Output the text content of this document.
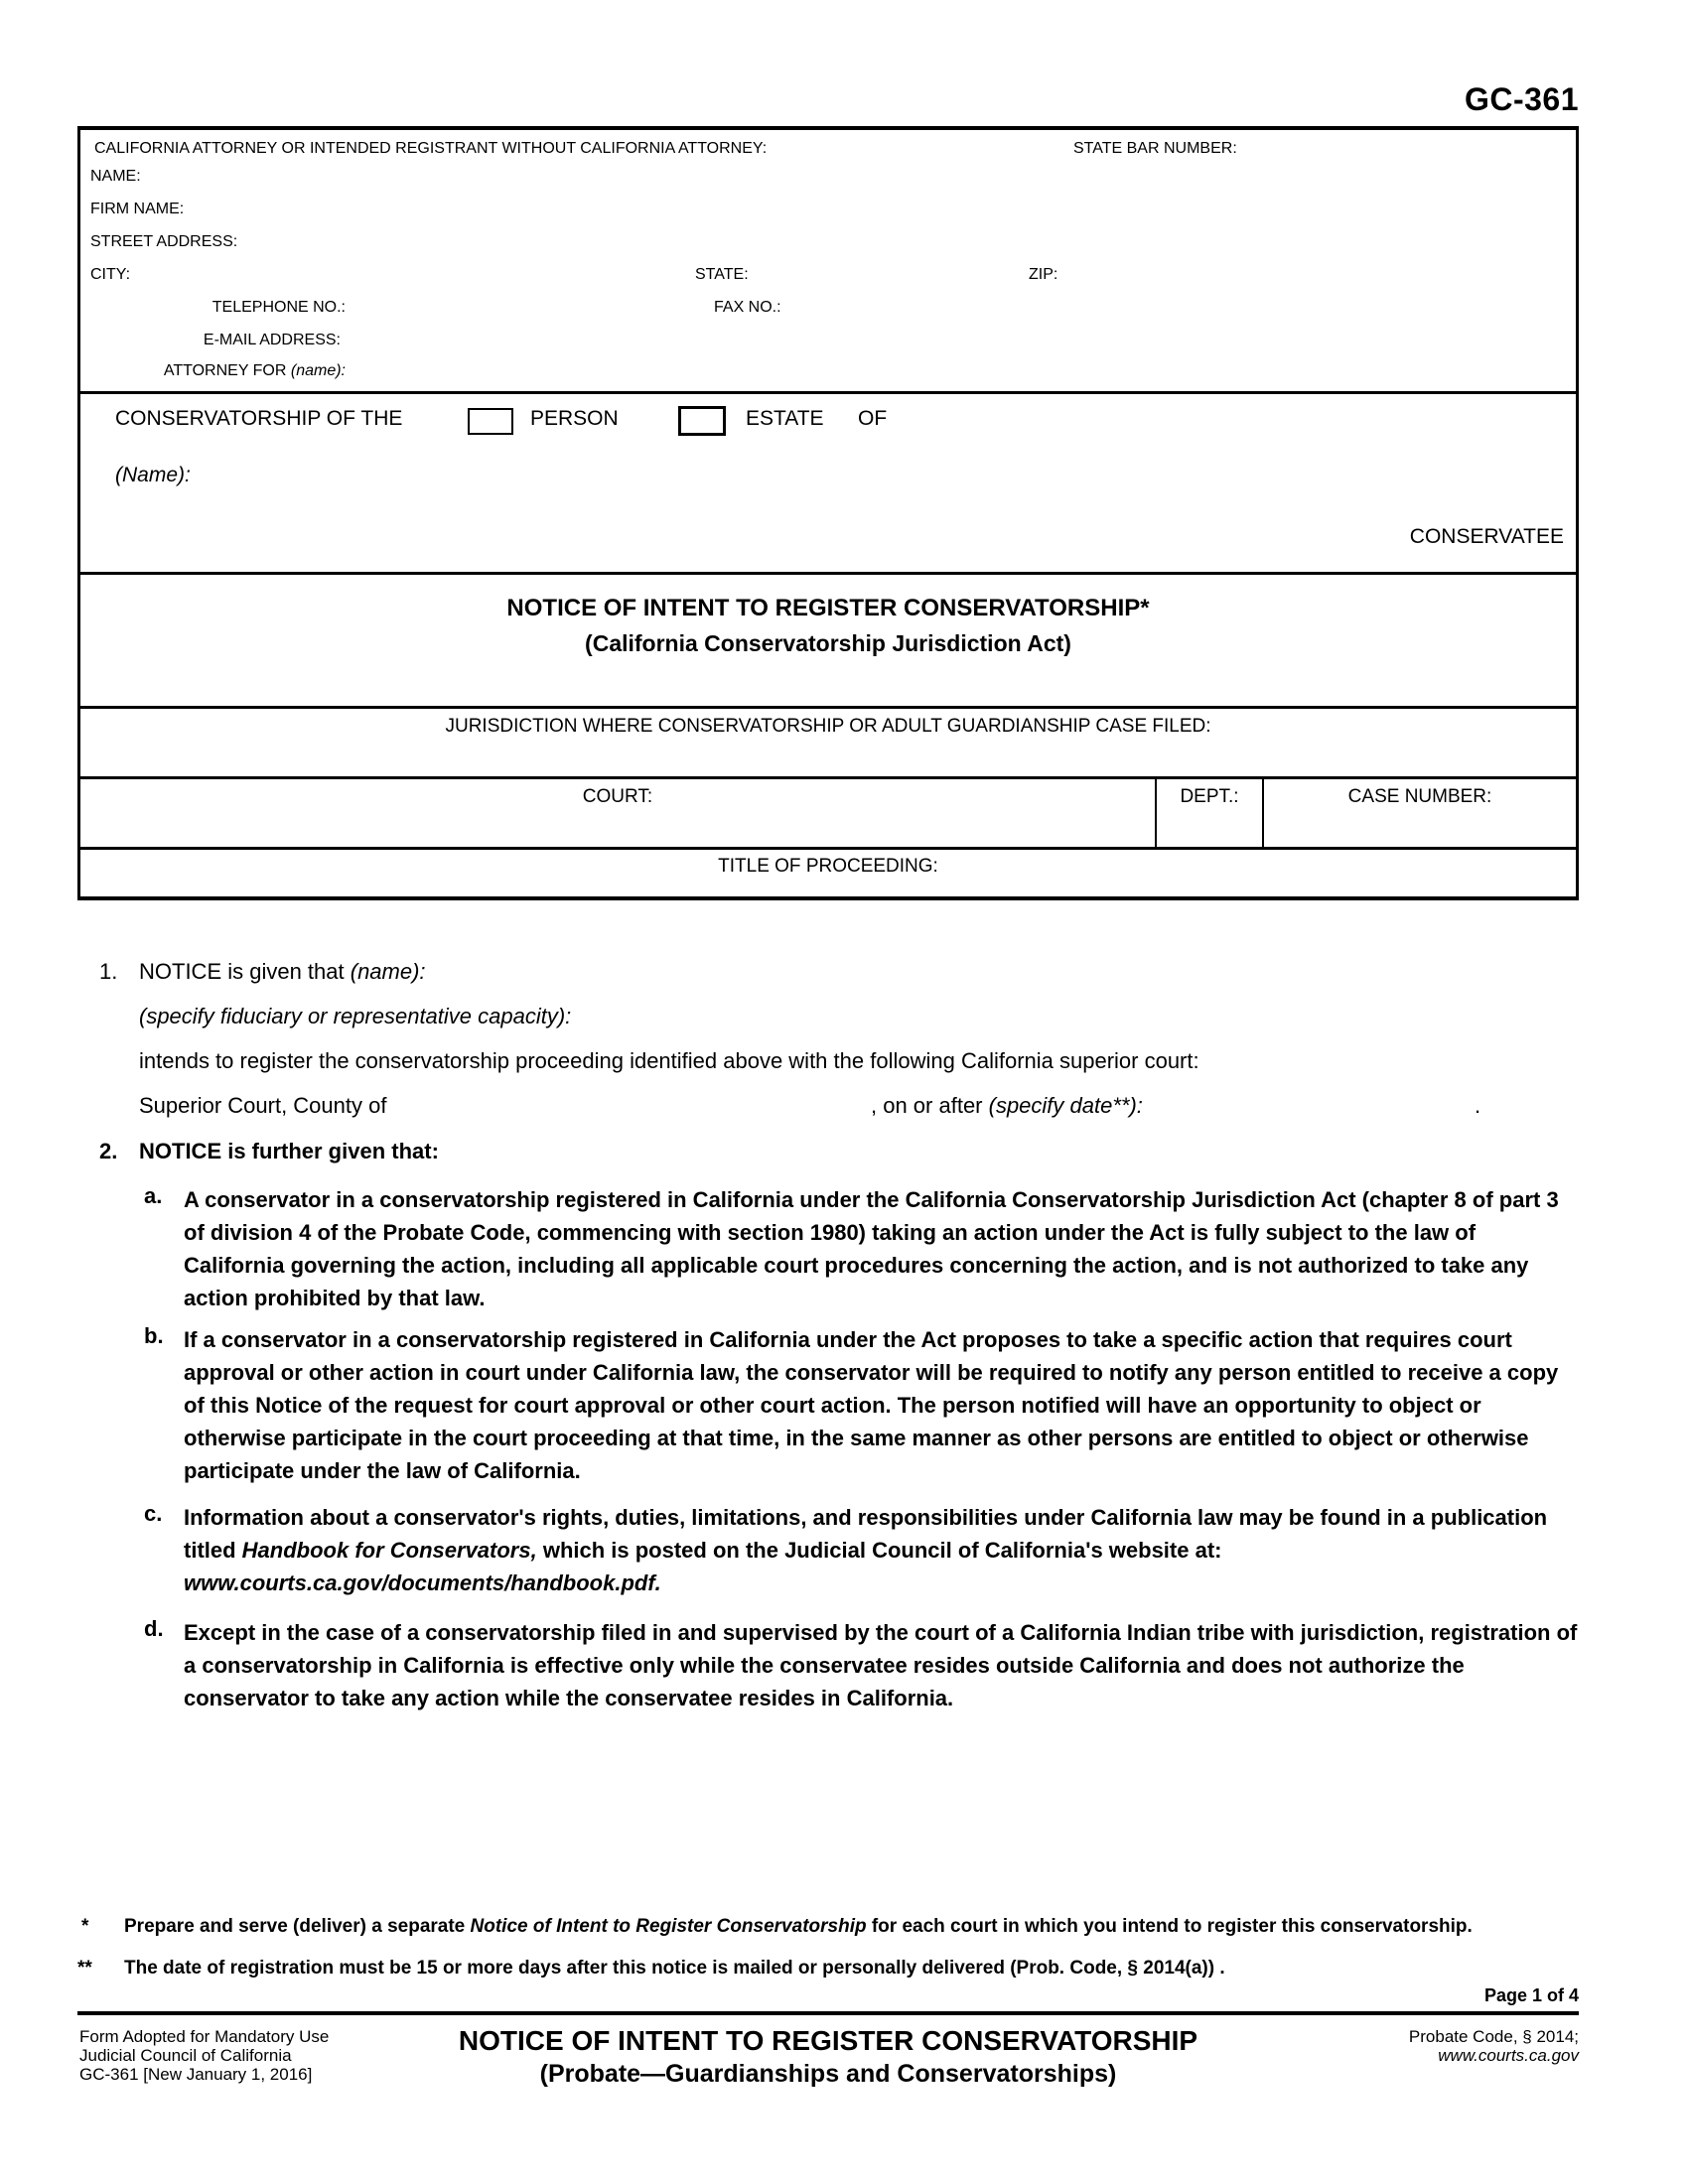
GC-361
CALIFORNIA ATTORNEY OR INTENDED REGISTRANT WITHOUT CALIFORNIA ATTORNEY:	STATE BAR NUMBER:
NAME:
FIRM NAME:
STREET ADDRESS:
CITY:	STATE:	ZIP:
TELEPHONE NO.:	FAX NO.:
E-MAIL ADDRESS:
ATTORNEY FOR (name):
CONSERVATORSHIP OF THE	PERSON	ESTATE OF
(Name):
CONSERVATEE
NOTICE OF INTENT TO REGISTER CONSERVATORSHIP*
(California Conservatorship Jurisdiction Act)
JURISDICTION WHERE CONSERVATORSHIP OR ADULT GUARDIANSHIP CASE FILED:
COURT:	DEPT.:	CASE NUMBER:
TITLE OF PROCEEDING:
1. NOTICE is given that (name):
(specify fiduciary or representative capacity):
intends to register the conservatorship proceeding identified above with the following California superior court:
Superior Court, County of	, on or after (specify date**):	.
2. NOTICE is further given that:
a. A conservator in a conservatorship registered in California under the California Conservatorship Jurisdiction Act (chapter 8 of part 3 of division 4 of the Probate Code, commencing with section 1980) taking an action under the Act is fully subject to the law of California governing the action, including all applicable court procedures concerning the action, and is not authorized to take any action prohibited by that law.
b. If a conservator in a conservatorship registered in California under the Act proposes to take a specific action that requires court approval or other action in court under California law, the conservator will be required to notify any person entitled to receive a copy of this Notice of the request for court approval or other court action. The person notified will have an opportunity to object or otherwise participate in the court proceeding at that time, in the same manner as other persons are entitled to object or otherwise participate under the law of California.
c. Information about a conservator's rights, duties, limitations, and responsibilities under California law may be found in a publication titled Handbook for Conservators, which is posted on the Judicial Council of California's website at: www.courts.ca.gov/documents/handbook.pdf.
d. Except in the case of a conservatorship filed in and supervised by the court of a California Indian tribe with jurisdiction, registration of a conservatorship in California is effective only while the conservatee resides outside California and does not authorize the conservator to take any action while the conservatee resides in California.
* Prepare and serve (deliver) a separate Notice of Intent to Register Conservatorship for each court in which you intend to register this conservatorship.
** The date of registration must be 15 or more days after this notice is mailed or personally delivered (Prob. Code, § 2014(a)) .
Page 1 of 4
Form Adopted for Mandatory Use
Judicial Council of California
GC-361 [New January 1, 2016]
NOTICE OF INTENT TO REGISTER CONSERVATORSHIP
(Probate—Guardianships and Conservatorships)
Probate Code, § 2014;
www.courts.ca.gov
